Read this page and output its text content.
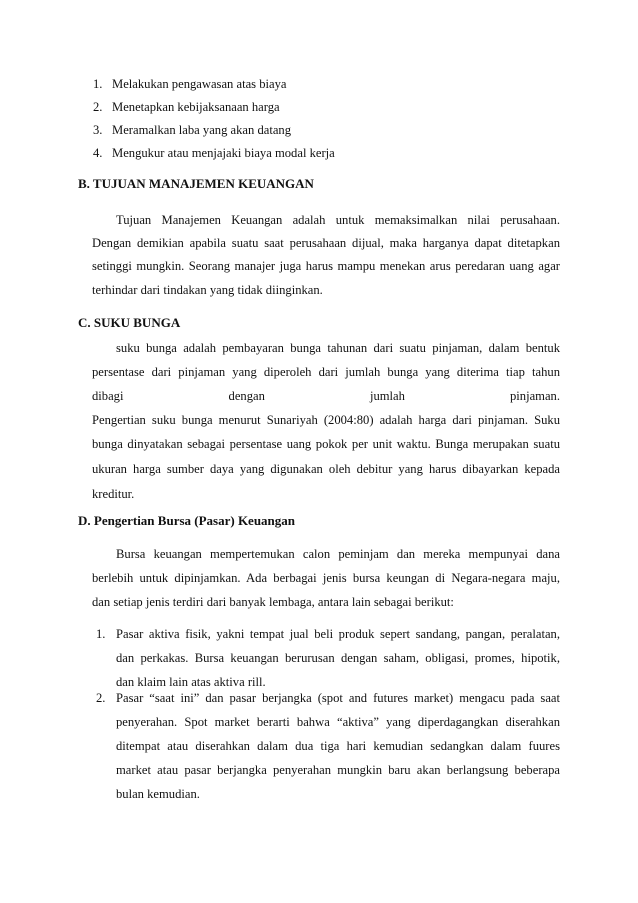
1. Melakukan pengawasan atas biaya
2. Menetapkan kebijaksanaan harga
3. Meramalkan laba yang akan datang
4. Mengukur atau menjajaki biaya modal kerja
B. TUJUAN MANAJEMEN KEUANGAN
Tujuan Manajemen Keuangan adalah untuk memaksimalkan nilai perusahaan.
Dengan demikian apabila suatu saat perusahaan dijual, maka harganya dapat ditetapkan
setinggi mungkin. Seorang manajer juga harus mampu menekan arus peredaran uang agar
terhindar dari tindakan yang tidak diinginkan.
C. SUKU BUNGA
suku bunga adalah pembayaran bunga tahunan dari suatu pinjaman, dalam bentuk
persentase dari pinjaman yang diperoleh dari jumlah bunga yang diterima tiap tahun
dibagi dengan jumlah pinjaman.
Pengertian suku bunga menurut Sunariyah (2004:80) adalah harga dari pinjaman. Suku
bunga dinyatakan sebagai persentase uang pokok per unit waktu. Bunga merupakan suatu
ukuran harga sumber daya yang digunakan oleh debitur yang harus dibayarkan kepada
kreditur.
D. Pengertian Bursa (Pasar) Keuangan
Bursa keuangan mempertemukan calon peminjam dan mereka mempunyai dana
berlebih untuk dipinjamkan. Ada berbagai jenis bursa keungan di Negara-negara maju,
dan setiap jenis terdiri dari banyak lembaga, antara lain sebagai berikut:
1. Pasar aktiva fisik, yakni tempat jual beli produk sepert sandang, pangan, peralatan,
dan perkakas. Bursa keuangan berurusan dengan saham, obligasi, promes, hipotik,
dan klaim lain atas aktiva rill.
2. Pasar “saat ini” dan pasar berjangka (spot and futures market) mengacu pada saat
penyerahan. Spot market berarti bahwa “aktiva” yang diperdagangkan diserahkan
ditempat atau diserahkan dalam dua tiga hari kemudian sedangkan dalam fuures
market atau pasar berjangka penyerahan mungkin baru akan berlangsung beberapa
bulan kemudian.
